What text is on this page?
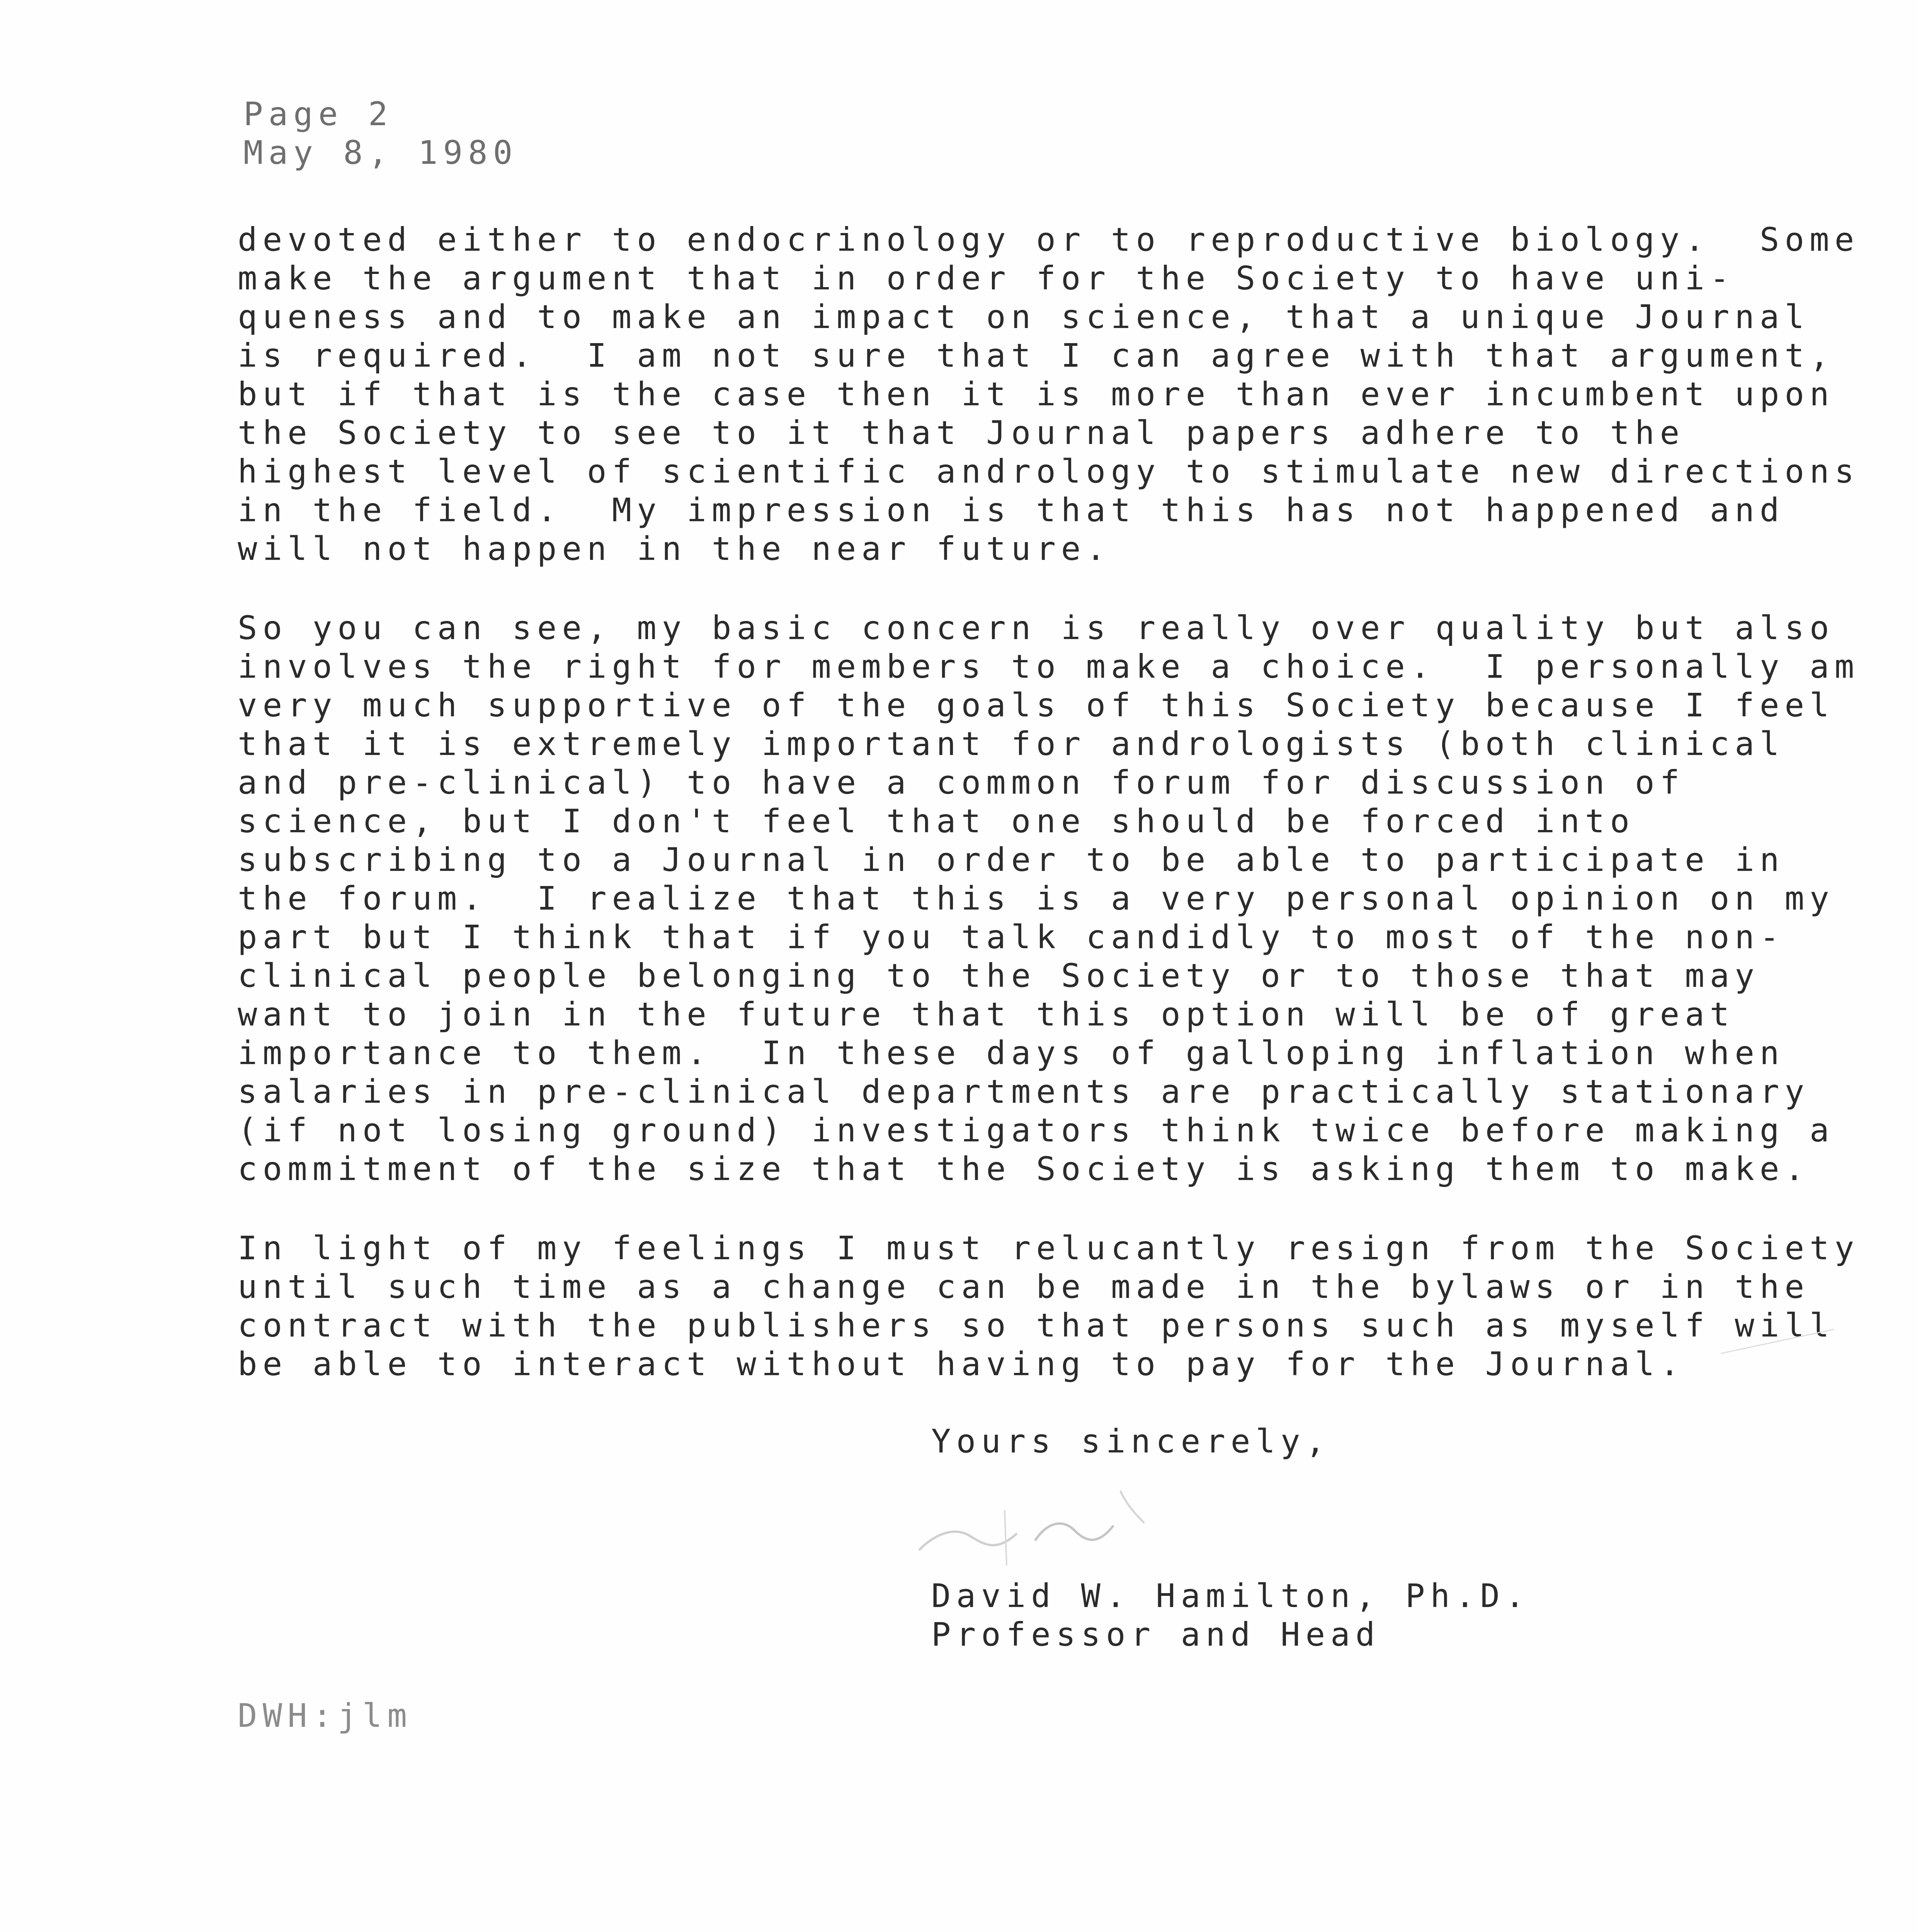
Page 2
May 8, 1980
devoted either to endocrinology or to reproductive biology.  Some
make the argument that in order for the Society to have uni-
queness and to make an impact on science, that a unique Journal
is required.  I am not sure that I can agree with that argument,
but if that is the case then it is more than ever incumbent upon
the Society to see to it that Journal papers adhere to the
highest level of scientific andrology to stimulate new directions
in the field.  My impression is that this has not happened and
will not happen in the near future.
So you can see, my basic concern is really over quality but also
involves the right for members to make a choice.  I personally am
very much supportive of the goals of this Society because I feel
that it is extremely important for andrologists (both clinical
and pre-clinical) to have a common forum for discussion of
science, but I don't feel that one should be forced into
subscribing to a Journal in order to be able to participate in
the forum.  I realize that this is a very personal opinion on my
part but I think that if you talk candidly to most of the non-
clinical people belonging to the Society or to those that may
want to join in the future that this option will be of great
importance to them.  In these days of galloping inflation when
salaries in pre-clinical departments are practically stationary
(if not losing ground) investigators think twice before making a
commitment of the size that the Society is asking them to make.
In light of my feelings I must relucantly resign from the Society
until such time as a change can be made in the bylaws or in the
contract with the publishers so that persons such as myself will
be able to interact without having to pay for the Journal.
Yours sincerely,
David W. Hamilton, Ph.D.
Professor and Head
DWH:jlm
